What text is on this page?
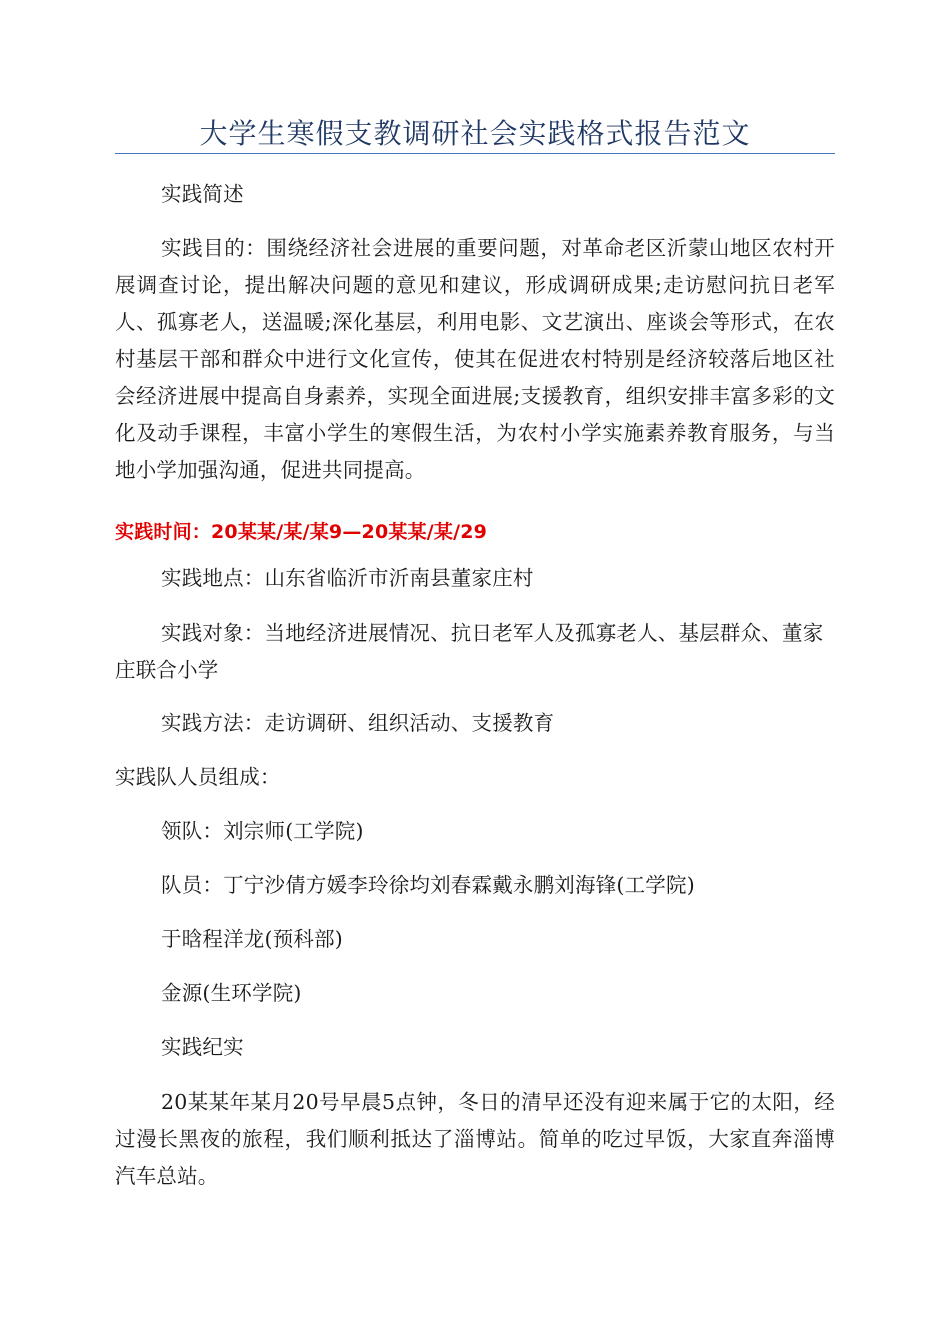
大学生寒假支教调研社会实践格式报告范文

实践简述

实践目的：围绕经济社会进展的重要问题，对革命老区沂蒙山地区农村开展调查讨论，提出解决问题的意见和建议，形成调研成果;走访慰问抗日老军人、孤寡老人，送温暖;深化基层，利用电影、文艺演出、座谈会等形式，在农村基层干部和群众中进行文化宣传，使其在促进农村特别是经济较落后地区社会经济进展中提高自身素养，实现全面进展;支援教育，组织安排丰富多彩的文化及动手课程，丰富小学生的寒假生活，为农村小学实施素养教育服务，与当地小学加强沟通，促进共同提高。

实践时间：20某某/某/某9—20某某/某/29

实践地点：山东省临沂市沂南县董家庄村

实践对象：当地经济进展情况、抗日老军人及孤寡老人、基层群众、董家庄联合小学

实践方法：走访调研、组织活动、支援教育

实践队人员组成：

领队：刘宗师(工学院)

队员：丁宁沙倩方媛李玲徐均刘春霖戴永鹏刘海锋(工学院)

于晗程洋龙(预科部)

金源(生环学院)

实践纪实

20某某年某月20号早晨5点钟，冬日的清早还没有迎来属于它的太阳，经过漫长黑夜的旅程，我们顺利抵达了淄博站。简单的吃过早饭，大家直奔淄博汽车总站。
